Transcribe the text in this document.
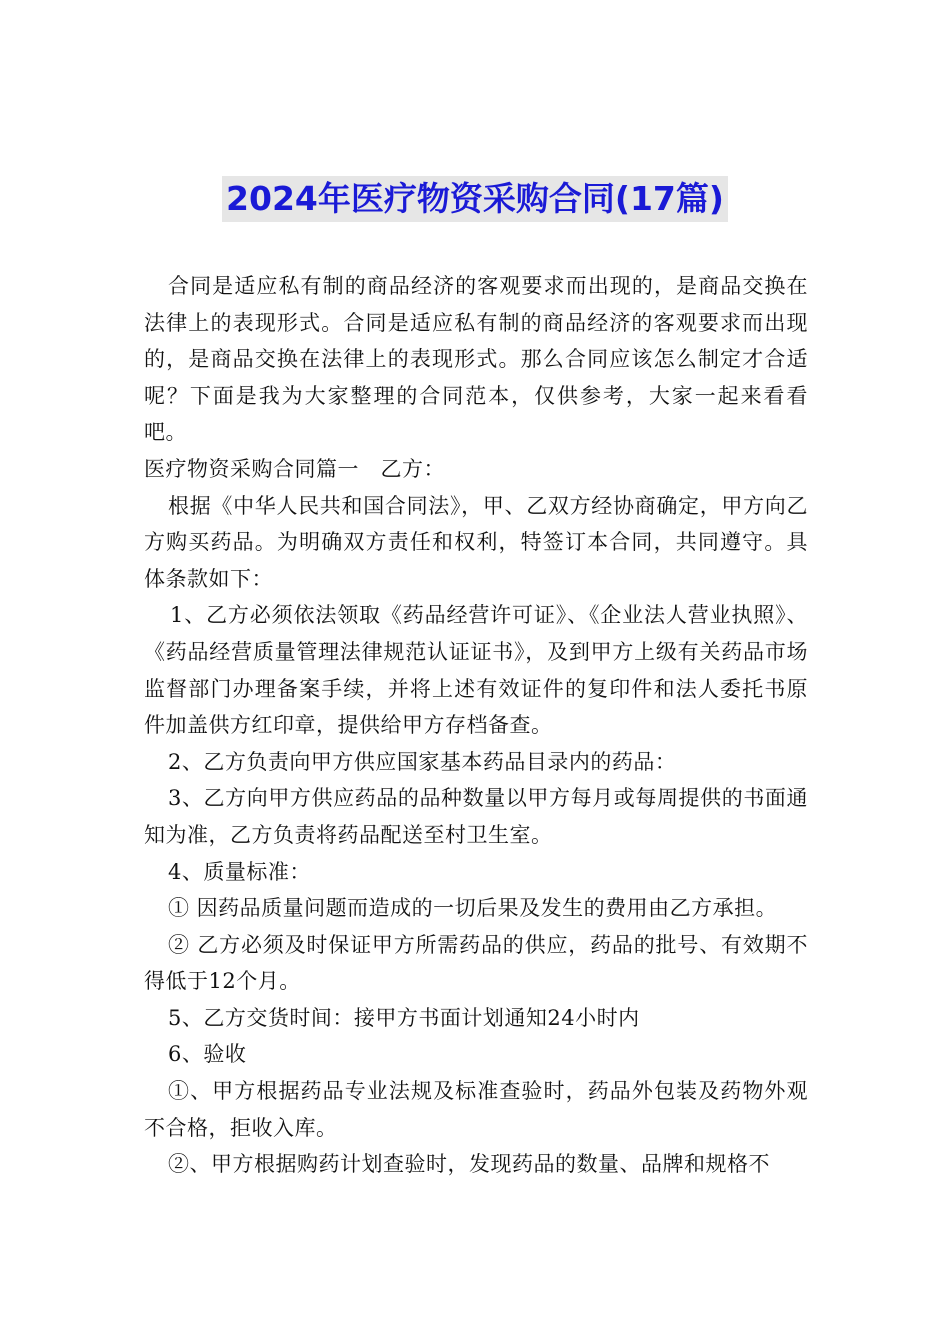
2024年医疗物资采购合同(17篇)

合同是适应私有制的商品经济的客观要求而出现的，是商品交换在法律上的表现形式。合同是适应私有制的商品经济的客观要求而出现的，是商品交换在法律上的表现形式。那么合同应该怎么制定才合适呢？下面是我为大家整理的合同范本，仅供参考，大家一起来看看吧。

医疗物资采购合同篇一　乙方：

根据《中华人民共和国合同法》，甲、乙双方经协商确定，甲方向乙方购买药品。为明确双方责任和权利，特签订本合同，共同遵守。具体条款如下：

1、乙方必须依法领取《药品经营许可证》、《企业法人营业执照》、《药品经营质量管理法律规范认证证书》，及到甲方上级有关药品市场监督部门办理备案手续，并将上述有效证件的复印件和法人委托书原件加盖供方红印章，提供给甲方存档备查。

2、乙方负责向甲方供应国家基本药品目录内的药品：

3、乙方向甲方供应药品的品种数量以甲方每月或每周提供的书面通知为准，乙方负责将药品配送至村卫生室。

4、质量标准：

① 因药品质量问题而造成的一切后果及发生的费用由乙方承担。

② 乙方必须及时保证甲方所需药品的供应，药品的批号、有效期不得低于12个月。

5、乙方交货时间：接甲方书面计划通知24小时内

6、验收

①、甲方根据药品专业法规及标准查验时，药品外包装及药物外观不合格，拒收入库。

②、甲方根据购药计划查验时，发现药品的数量、品牌和规格不
